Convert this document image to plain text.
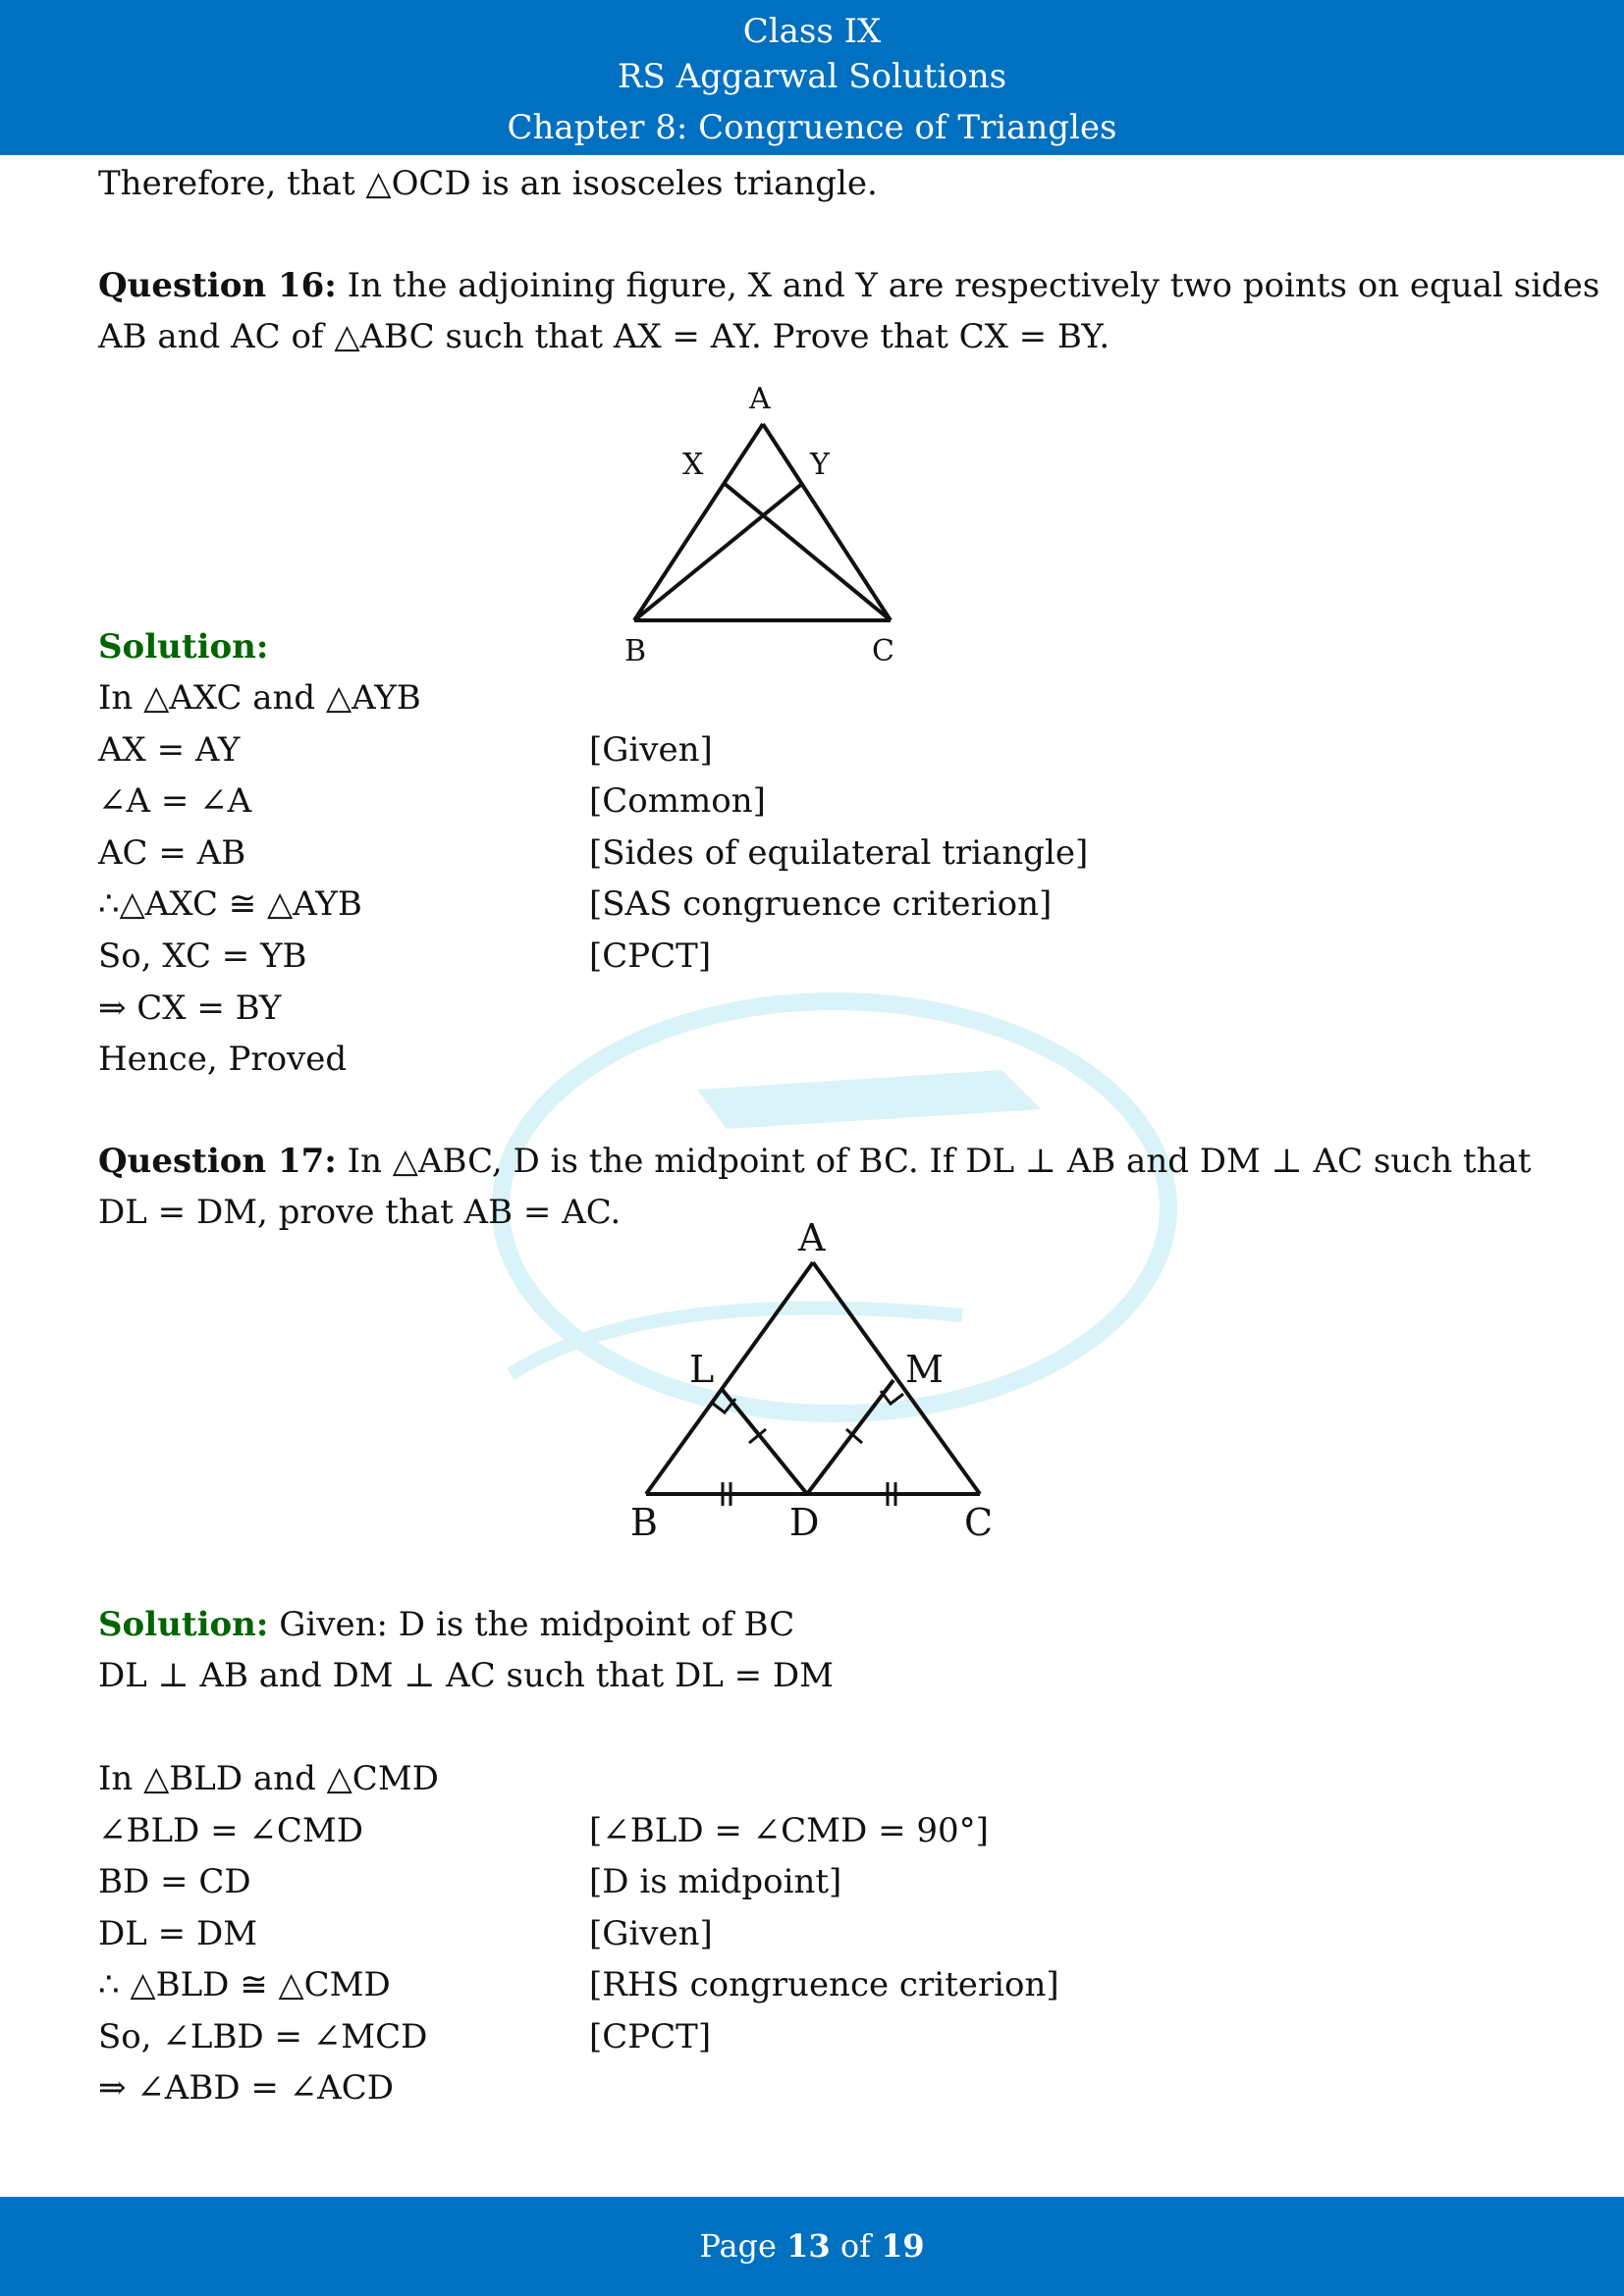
Class IX
RS Aggarwal Solutions
Chapter 8: Congruence of Triangles
Therefore, that △OCD is an isosceles triangle.
Question 16: In the adjoining figure, X and Y are respectively two points on equal sides
AB and AC of △ABC such that AX = AY. Prove that CX = BY.
A
X	Y
B	C
Solution:
In △AXC and △AYB
AX = AY	[Given]
∠A = ∠A	[Common]
AC = AB	[Sides of equilateral triangle]
∴△AXC ≅ △AYB	[SAS congruence criterion]
So, XC = YB	[CPCT]
⇒ CX = BY
Hence, Proved
Question 17: In △ABC, D is the midpoint of BC. If DL ⊥ AB and DM ⊥ AC such that
DL = DM, prove that AB = AC.
A
L	M
B	D	C
Solution: Given: D is the midpoint of BC
DL ⊥ AB and DM ⊥ AC such that DL = DM
In △BLD and △CMD
∠BLD = ∠CMD	[∠BLD = ∠CMD = 90°]
BD = CD	[D is midpoint]
DL = DM	[Given]
∴ △BLD ≅ △CMD	[RHS congruence criterion]
So, ∠LBD = ∠MCD	[CPCT]
⇒ ∠ABD = ∠ACD
Page 13 of 19
